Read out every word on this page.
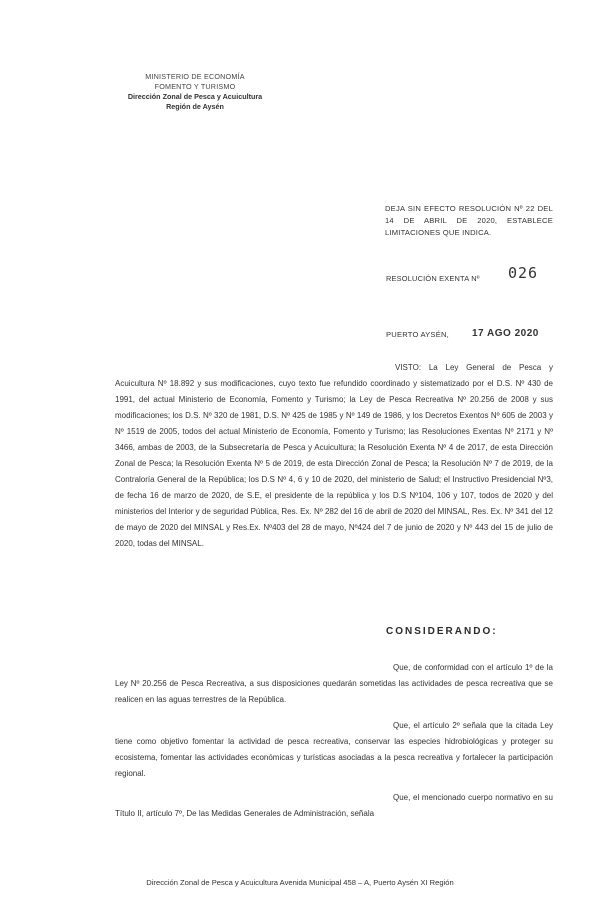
MINISTERIO DE ECONOMÍA
FOMENTO Y TURISMO
Dirección Zonal de Pesca y Acuicultura
Región de Aysén
DEJA SIN EFECTO RESOLUCIÓN Nº 22 DEL 14 DE ABRIL DE 2020, ESTABLECE LIMITACIONES QUE INDICA.
RESOLUCIÓN EXENTA Nº 026
PUERTO AYSÉN, 17 AGO 2020
VISTO: La Ley General de Pesca y Acuicultura Nº 18.892 y sus modificaciones, cuyo texto fue refundido coordinado y sistematizado por el D.S. Nº 430 de 1991, del actual Ministerio de Economía, Fomento y Turismo; la Ley de Pesca Recreativa Nº 20.256 de 2008 y sus modificaciones; los D.S. Nº 320 de 1981, D.S. Nº 425 de 1985 y Nº 149 de 1986, y los Decretos Exentos Nº 605 de 2003 y Nº 1519 de 2005, todos del actual Ministerio de Economía, Fomento y Turismo; las Resoluciones Exentas Nº 2171 y Nº 3466, ambas de 2003, de la Subsecretaría de Pesca y Acuicultura; la Resolución Exenta Nº 4 de 2017, de esta Dirección Zonal de Pesca; la Resolución Exenta Nº 5 de 2019, de esta Dirección Zonal de Pesca; la Resolución Nº 7 de 2019, de la Contraloría General de la República; los D.S Nº 4, 6 y 10 de 2020, del ministerio de Salud; el Instructivo Presidencial Nº3, de fecha 16 de marzo de 2020, de S.E, el presidente de la república y los D.S Nº104, 106 y 107, todos de 2020 y del ministerios del Interior y de seguridad Pública, Res. Ex. Nº 282 del 16 de abril de 2020 del MINSAL, Res. Ex. Nº 341 del 12 de mayo de 2020 del MINSAL y Res.Ex. Nº403 del 28 de mayo, Nº424 del 7 de junio de 2020 y Nº 443 del 15 de julio de 2020, todas del MINSAL.
CONSIDERANDO:
Que, de conformidad con el artículo 1º de la Ley Nº 20.256 de Pesca Recreativa, a sus disposiciones quedarán sometidas las actividades de pesca recreativa que se realicen en las aguas terrestres de la República.
Que, el artículo 2º señala que la citada Ley tiene como objetivo fomentar la actividad de pesca recreativa, conservar las especies hidrobiológicas y proteger su ecosistema, fomentar las actividades económicas y turísticas asociadas a la pesca recreativa y fortalecer la participación regional.
Que, el mencionado cuerpo normativo en su Título II, artículo 7º, De las Medidas Generales de Administración, señala
Dirección Zonal de Pesca y Acuicultura Avenida Municipal 458 – A, Puerto Aysén XI Región
